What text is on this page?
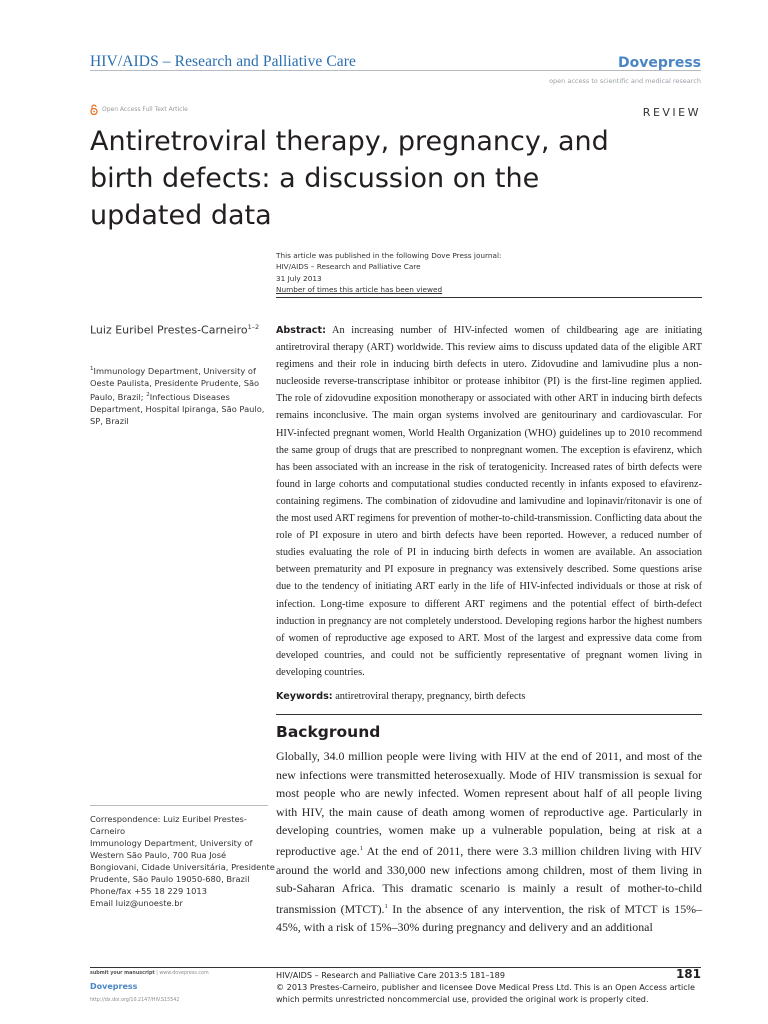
HIV/AIDS – Research and Palliative Care	Dovepress
open access to scientific and medical research
Open Access Full Text Article	REVIEW
Antiretroviral therapy, pregnancy, and birth defects: a discussion on the updated data
This article was published in the following Dove Press journal:
HIV/AIDS – Research and Palliative Care
31 July 2013
Number of times this article has been viewed
Luiz Euribel Prestes-Carneiro$^{1-2}$
$^1$Immunology Department, University of Oeste Paulista, Presidente Prudente, São Paulo, Brazil; $^2$Infectious Diseases Department, Hospital Ipiranga, São Paulo, SP, Brazil
Abstract: An increasing number of HIV-infected women of childbearing age are initiating antiretroviral therapy (ART) worldwide. This review aims to discuss updated data of the eligible ART regimens and their role in inducing birth defects in utero. Zidovudine and lamivudine plus a non-nucleoside reverse-transcriptase inhibitor or protease inhibitor (PI) is the first-line regimen applied. The role of zidovudine exposition monotherapy or associated with other ART in inducing birth defects remains inconclusive. The main organ systems involved are genitourinary and cardiovascular. For HIV-infected pregnant women, World Health Organization (WHO) guidelines up to 2010 recommend the same group of drugs that are prescribed to nonpregnant women. The exception is efavirenz, which has been associated with an increase in the risk of teratogenicity. Increased rates of birth defects were found in large cohorts and computational studies conducted recently in infants exposed to efavirenz-containing regimens. The combination of zidovudine and lamivudine and lopinavir/ritonavir is one of the most used ART regimens for prevention of mother-to-child-transmission. Conflicting data about the role of PI exposure in utero and birth defects have been reported. However, a reduced number of studies evaluating the role of PI in inducing birth defects in women are available. An association between prematurity and PI exposure in pregnancy was extensively described. Some questions arise due to the tendency of initiating ART early in the life of HIV-infected individuals or those at risk of infection. Long-time exposure to different ART regimens and the potential effect of birth-defect induction in pregnancy are not completely understood. Developing regions harbor the highest numbers of women of reproductive age exposed to ART. Most of the largest and expressive data come from developed countries, and could not be sufficiently representative of pregnant women living in developing countries.
Keywords: antiretroviral therapy, pregnancy, birth defects
Background
Globally, 34.0 million people were living with HIV at the end of 2011, and most of the new infections were transmitted heterosexually. Mode of HIV transmission is sexual for most people who are newly infected. Women represent about half of all people living with HIV, the main cause of death among women of reproductive age. Particularly in developing countries, women make up a vulnerable population, being at risk at a reproductive age.$^1$ At the end of 2011, there were 3.3 million children living with HIV around the world and 330,000 new infections among children, most of them living in sub-Saharan Africa. This dramatic scenario is mainly a result of mother-to-child transmission (MTCT).$^1$ In the absence of any intervention, the risk of MTCT is 15%–45%, with a risk of 15%–30% during pregnancy and delivery and an additional
Correspondence: Luiz Euribel Prestes-Carneiro
Immunology Department, University of Western São Paulo, 700 Rua José Bongiovani, Cidade Universitária, Presidente Prudente, São Paulo 19050-680, Brazil
Phone/fax +55 18 229 1013
Email luiz@unoeste.br
submit your manuscript | www.dovepress.com
Dovepress
http://dx.doi.org/10.2147/HIV.S15542
HIV/AIDS – Research and Palliative Care 2013:5 181–189	181
© 2013 Prestes-Carneiro, publisher and licensee Dove Medical Press Ltd. This is an Open Access article which permits unrestricted noncommercial use, provided the original work is properly cited.
